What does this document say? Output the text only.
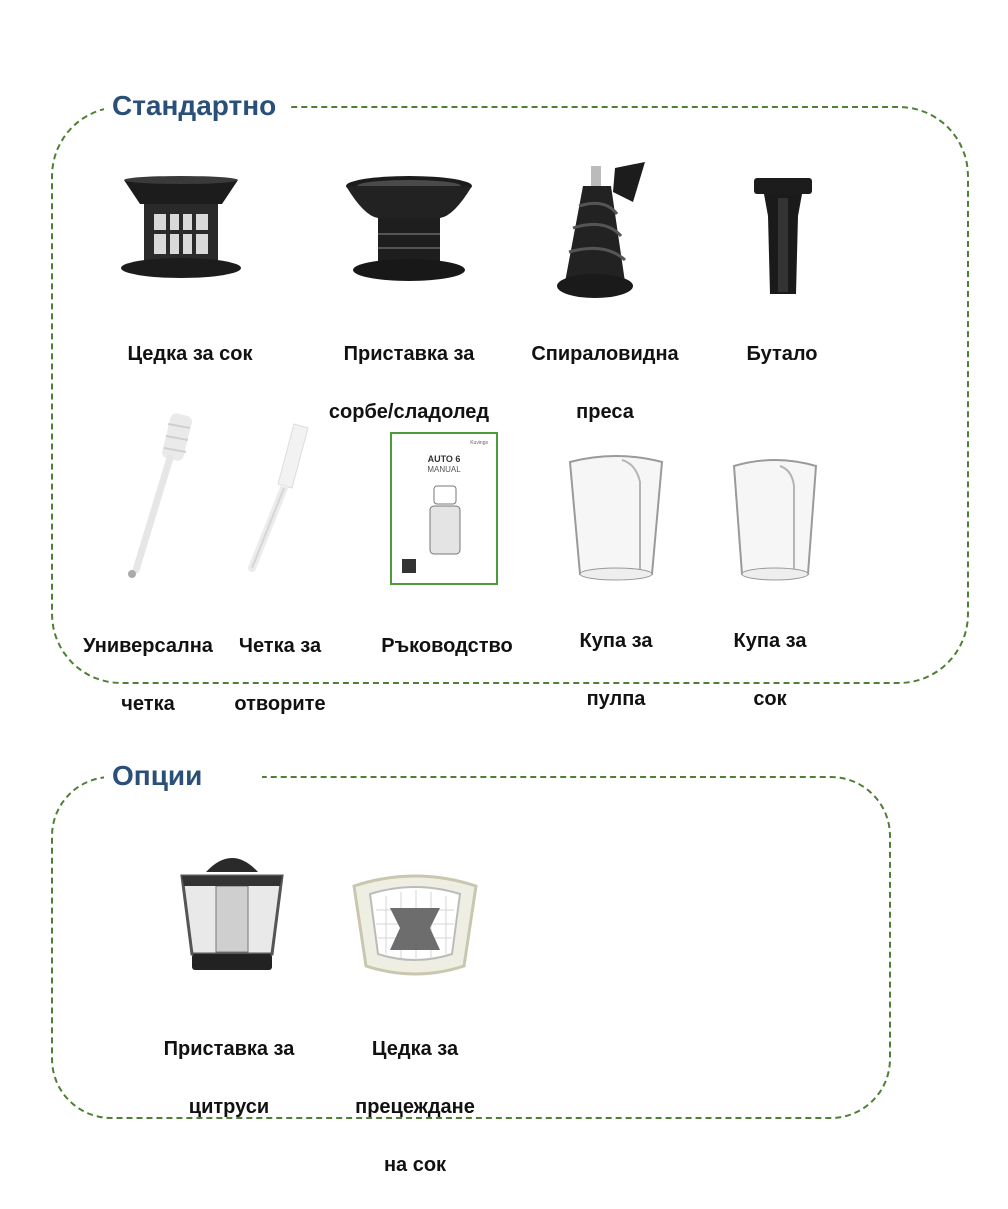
Стандартно

Цедка за сок	Приставка за

сорбе/сладолед

Спираловидна

преса

Бутало

Универсална

четка

Четка за

отворите

Kuvings
AUTO 6
MANUAL

Ръководство	Купа за

пулпа

Купа за

сок

Опции

Приставка за

цитруси

Цедка за

прецеждане

на сок
